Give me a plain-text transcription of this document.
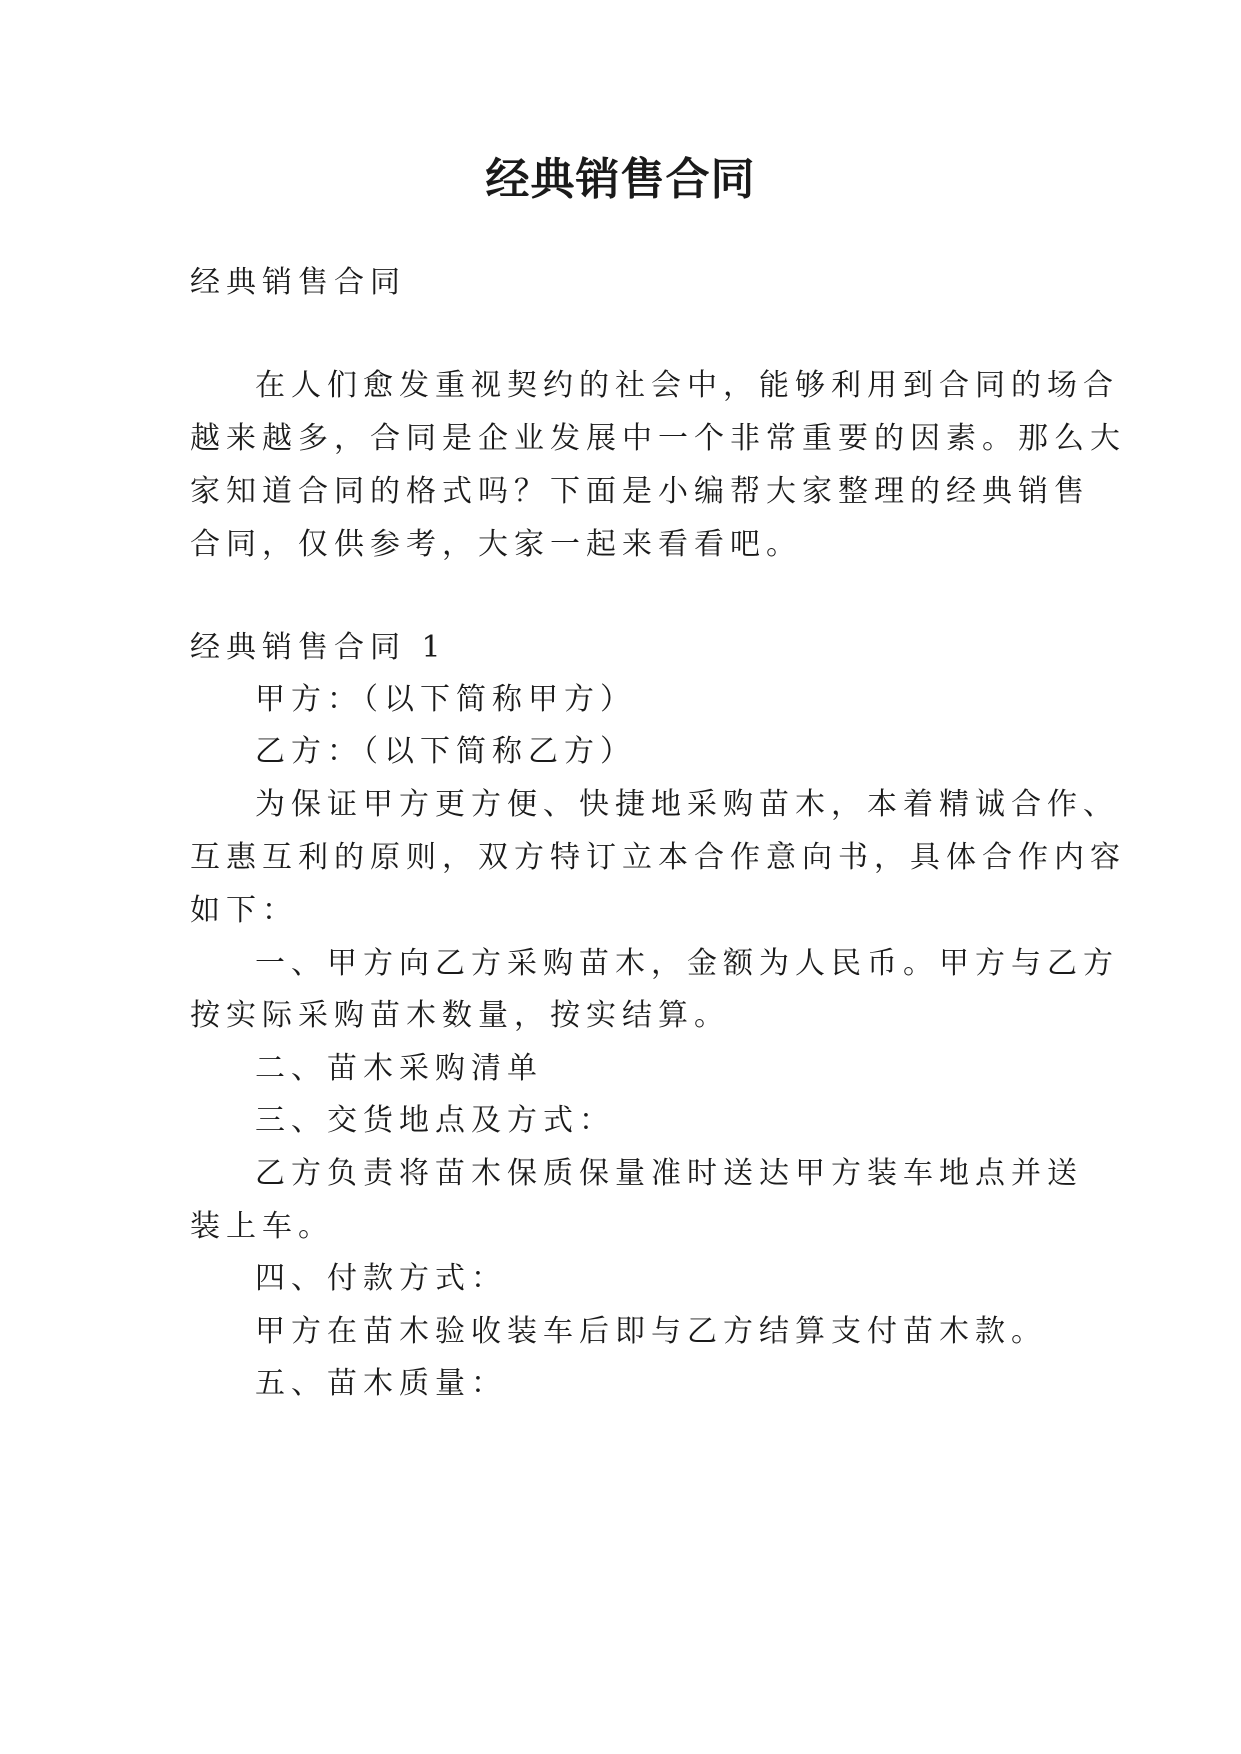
经典销售合同

经典销售合同

在人们愈发重视契约的社会中，能够利用到合同的场合

越来越多，合同是企业发展中一个非常重要的因素。那么大

家知道合同的格式吗？下面是小编帮大家整理的经典销售

合同，仅供参考，大家一起来看看吧。

经典销售合同 1

甲方：（以下简称甲方）

乙方：（以下简称乙方）

为保证甲方更方便、快捷地采购苗木，本着精诚合作、

互惠互利的原则，双方特订立本合作意向书，具体合作内容

如下：

一、甲方向乙方采购苗木，金额为人民币。甲方与乙方

按实际采购苗木数量，按实结算。

二、苗木采购清单

三、交货地点及方式：

乙方负责将苗木保质保量准时送达甲方装车地点并送

装上车。

四、付款方式：

甲方在苗木验收装车后即与乙方结算支付苗木款。

五、苗木质量：
